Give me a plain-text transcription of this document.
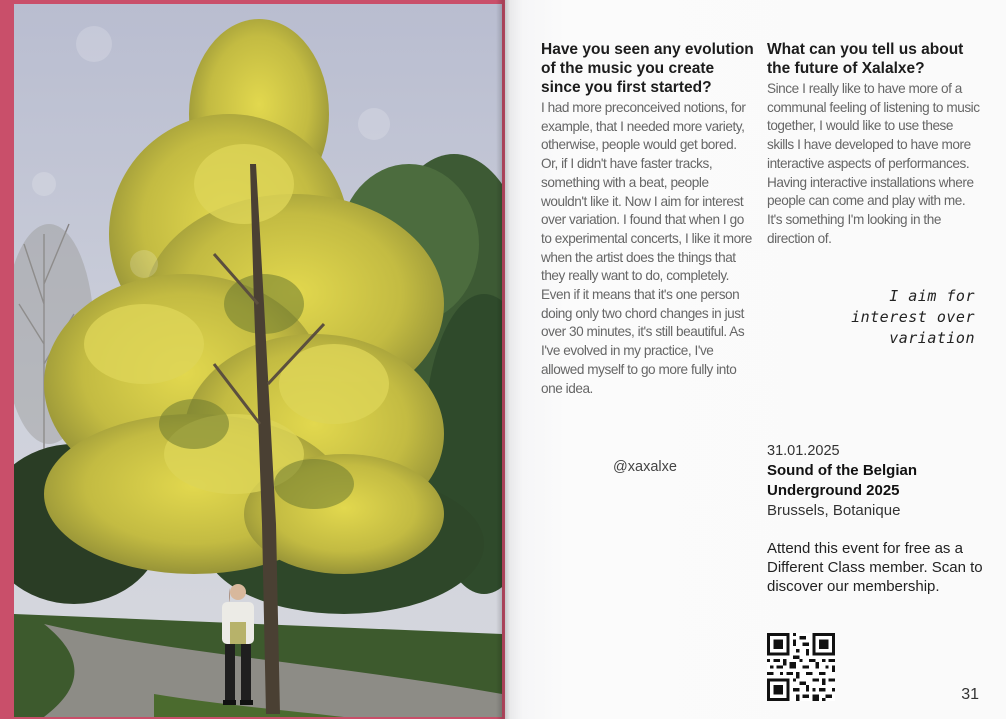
Have you seen any evolution of the music you create since you first started?

I had more preconceived notions, for example, that I needed more variety, otherwise, people would get bored. Or, if I didn't have faster tracks, something with a beat, people wouldn't like it. Now I aim for interest over variation. I found that when I go to experimental concerts, I like it more when the artist does the things that they really want to do, completely. Even if it means that it's one person doing only two chord changes in just over 30 minutes, it's still beautiful. As I've evolved in my practice, I've allowed myself to go more fully into one idea.

What can you tell us about the future of Xalalxe?

Since I really like to have more of a communal feeling of listening to music together, I would like to use these skills I have developed to have more interactive aspects of performances. Having interactive installations where people can come and play with me. It's something I'm looking in the direction of.

I aim for
interest over
variation
@xaxalxe
31.01.2025
Sound of the Belgian
Underground 2025
Brussels, Botanique
Attend this event for free as a Different Class member. Scan to discover our membership.
31
